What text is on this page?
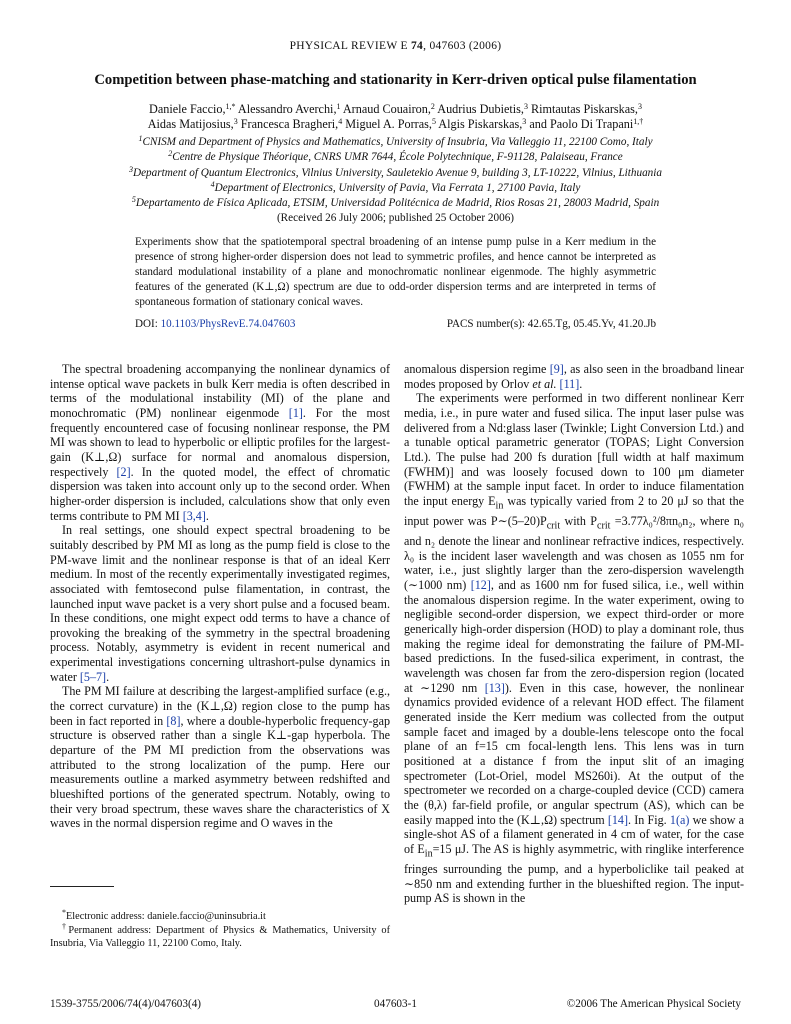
PHYSICAL REVIEW E 74, 047603 (2006)
Competition between phase-matching and stationarity in Kerr-driven optical pulse filamentation
Daniele Faccio,$^{1,*}$ Alessandro Averchi,$^1$ Arnaud Couairon,$^2$ Audrius Dubietis,$^3$ Rimtautas Piskarskas,$^3$
Aidas Matijosius,$^3$ Francesca Bragheri,$^4$ Miguel A. Porras,$^5$ Algis Piskarskas,$^3$ and Paolo Di Trapani$^{1,\dagger}$
$^1$CNISM and Department of Physics and Mathematics, University of Insubria, Via Valleggio 11, 22100 Como, Italy
$^2$Centre de Physique Théorique, CNRS UMR 7644, École Polytechnique, F-91128, Palaiseau, France
$^3$Department of Quantum Electronics, Vilnius University, Sauletekio Avenue 9, building 3, LT-10222, Vilnius, Lithuania
$^4$Department of Electronics, University of Pavia, Via Ferrata 1, 27100 Pavia, Italy
$^5$Departamento de Física Aplicada, ETSIM, Universidad Politécnica de Madrid, Rios Rosas 21, 28003 Madrid, Spain
(Received 26 July 2006; published 25 October 2006)
Experiments show that the spatiotemporal spectral broadening of an intense pump pulse in a Kerr medium in the presence of strong higher-order dispersion does not lead to symmetric profiles, and hence cannot be interpreted as standard modulational instability of a plane and monochromatic nonlinear eigenmode. The highly asymmetric features of the generated (K⊥,Ω) spectrum are due to odd-order dispersion terms and are interpreted in terms of spontaneous formation of stationary conical waves.
DOI: 10.1103/PhysRevE.74.047603	PACS number(s): 42.65.Tg, 05.45.Yv, 41.20.Jb

The spectral broadening accompanying the nonlinear dynamics of intense optical wave packets in bulk Kerr media is often described in terms of the modulational instability (MI) of the plane and monochromatic (PM) nonlinear eigenmode [1]. For the most frequently encountered case of focusing nonlinear response, the PM MI was shown to lead to hyperbolic or elliptic profiles for the largest-gain (K⊥,Ω) surface for normal and anomalous dispersion, respectively [2]. In the quoted model, the effect of chromatic dispersion was taken into account only up to the second order. When higher-order dispersion is included, calculations show that only even terms contribute to PM MI [3,4].

In real settings, one should expect spectral broadening to be suitably described by PM MI as long as the pump field is close to the PM-wave limit and the nonlinear response is that of an ideal Kerr medium. In most of the recently experimentally investigated regimes, associated with femtosecond pulse filamentation, in contrast, the launched input wave packet is a very short pulse and a focused beam. In these conditions, one might expect odd terms to have a chance of provoking the breaking of the symmetry in the spectral broadening process. Notably, asymmetry is evident in recent numerical and experimental investigations concerning ultrashort-pulse dynamics in water [5–7].

The PM MI failure at describing the largest-amplified surface (e.g., the correct curvature) in the (K⊥,Ω) region close to the pump has been in fact reported in [8], where a double-hyperbolic frequency-gap structure is observed rather than a single K⊥-gap hyperbola. The departure of the PM MI prediction from the observations was attributed to the strong localization of the pump. Here our measurements outline a marked asymmetry between redshifted and blueshifted portions of the generated spectrum. Notably, owing to their very broad spectrum, these waves share the characteristics of X waves in the normal dispersion regime and O waves in the

anomalous dispersion regime [9], as also seen in the broadband linear modes proposed by Orlov et al. [11].

The experiments were performed in two different nonlinear Kerr media, i.e., in pure water and fused silica. The input laser pulse was delivered from a Nd:glass laser (Twinkle; Light Conversion Ltd.) and a tunable optical parametric generator (TOPAS; Light Conversion Ltd.). The pulse had 200 fs duration [full width at half maximum (FWHM)] and was loosely focused down to 100 μm diameter (FWHM) at the sample input facet. In order to induce filamentation the input energy $E_{in}$ was typically varied from 2 to 20 μJ so that the input power was $P\sim(5-20)P_{crit}$ with $P_{crit} =3.77\lambda_0^2/8\pi n_0n_2$, where n₀ and n₂ denote the linear and nonlinear refractive indices, respectively. λ₀ is the incident laser wavelength and was chosen as 1055 nm for water, i.e., just slightly larger than the zero-dispersion wavelength (∼1000 nm) [12], and as 1600 nm for fused silica, i.e., well within the anomalous dispersion regime. In the water experiment, owing to negligible second-order dispersion, we expect third-order or more generically high-order dispersion (HOD) to play a dominant role, thus making the regime ideal for demonstrating the failure of PM-MI-based predictions. In the fused-silica experiment, in contrast, the wavelength was chosen far from the zero-dispersion region (located at ∼1290 nm [13]). Even in this case, however, the nonlinear dynamics provided evidence of a relevant HOD effect. The filament generated inside the Kerr medium was collected from the output sample facet and imaged by a double-lens telescope onto the focal plane of an f=15 cm focal-length lens. This lens was in turn positioned at a distance f from the input slit of an imaging spectrometer (Lot-Oriel, model MS260i). At the output of the spectrometer we recorded on a charge-coupled device (CCD) camera the (θ,λ) far-field profile, or angular spectrum (AS), which can be easily mapped into the (K⊥,Ω) spectrum [14]. In Fig. 1(a) we show a single-shot AS of a filament generated in 4 cm of water, for the case of $E_{in}=15$ μJ. The AS is highly asymmetric, with ringlike interference fringes surrounding the pump, and a hyperboliclike tail peaked at ∼850 nm and extending further in the blueshifted region. The input-pump AS is shown in the

*Electronic address: daniele.faccio@uninsubria.it

†Permanent address: Department of Physics & Mathematics, University of Insubria, Via Valleggio 11, 22100 Como, Italy.

1539-3755/2006/74(4)/047603(4)	047603-1	©2006 The American Physical Society
